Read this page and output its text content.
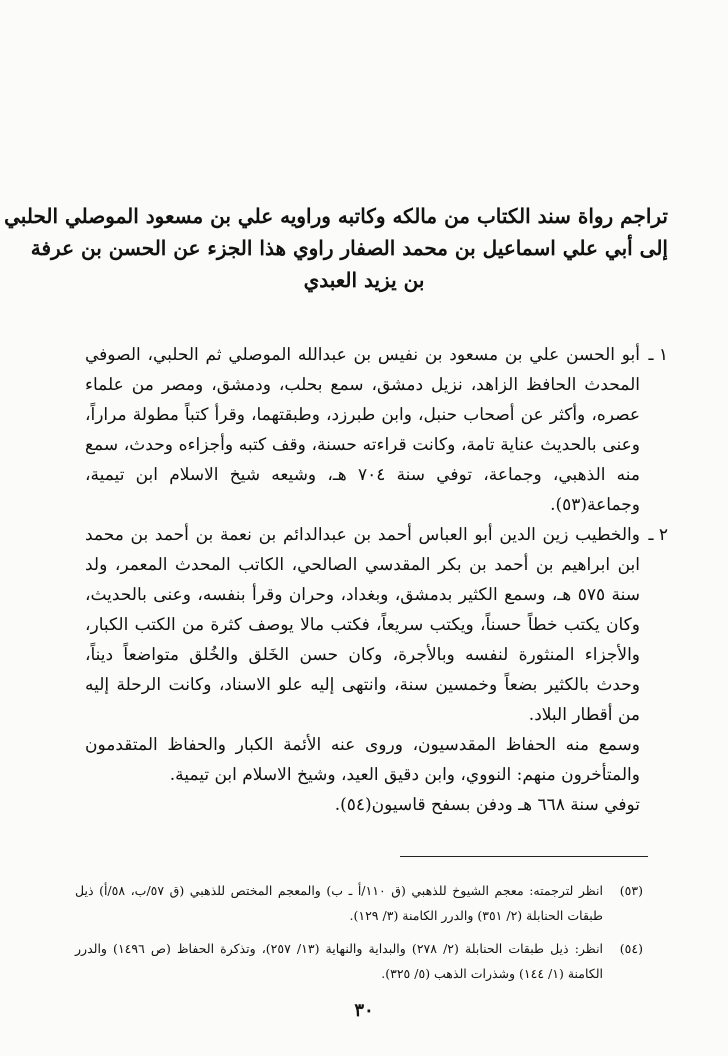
تراجم رواة سند الكتاب من مالكه وكاتبه وراويه علي بن مسعود الموصلي الحلبي
إلى أبي علي اسماعيل بن محمد الصفار راوي هذا الجزء عن الحسن بن عرفة
بن يزيد العبدي
١ ـ

أبو الحسن علي بن مسعود بن نفيس بن عبدالله الموصلي ثم الحلبي، الصوفي المحدث الحافظ الزاهد، نزيل دمشق، سمع بحلب، ودمشق، ومصر من علماء عصره، وأكثر عن أصحاب حنبل، وابن طبرزد، وطبقتهما، وقرأ كتباً مطولة مراراً، وعنى بالحديث عناية تامة، وكانت قراءته حسنة، وقف كتبه وأجزاءه وحدث، سمع منه الذهبي، وجماعة، توفي سنة ٧٠٤ هـ، وشيعه شيخ الاسلام ابن تيمية، وجماعة(٥٣).

٢ ـ

والخطيب زين الدين أبو العباس أحمد بن عبدالدائم بن نعمة بن أحمد بن محمد ابن ابراهيم بن أحمد بن بكر المقدسي الصالحي، الكاتب المحدث المعمر، ولد سنة ٥٧٥ هـ، وسمع الكثير بدمشق، وبغداد، وحران وقرأ بنفسه، وعنى بالحديث، وكان يكتب خطاً حسناً، ويكتب سريعاً، فكتب مالا يوصف كثرة من الكتب الكبار، والأجزاء المنثورة لنفسه وبالأجرة، وكان حسن الخَلق والخُلق متواضعاً ديناً، وحدث بالكثير بضعاً وخمسين سنة، وانتهى إليه علو الاسناد، وكانت الرحلة إليه من أقطار البلاد.

وسمع منه الحفاظ المقدسيون، وروى عنه الأئمة الكبار والحفاظ المتقدمون والمتأخرون منهم: النووي، وابن دقيق العيد، وشيخ الاسلام ابن تيمية.

توفي سنة ٦٦٨ هـ ودفن بسفح قاسيون(٥٤).

(٥٣)
انظر لترجمته: معجم الشيوخ للذهبي (ق ١١٠/أ ـ ب) والمعجم المختص للذهبي (ق ٥٧/ب، ٥٨/أ) ذيل طبقات الحنابلة (٢/ ٣٥١) والدرر الكامنة (٣/ ١٢٩).
(٥٤)
انظر: ذيل طبقات الحنابلة (٢/ ٢٧٨) والبداية والنهاية (١٣/ ٢٥٧)، وتذكرة الحفاظ (ص ١٤٩٦) والدرر الكامنة (١/ ١٤٤) وشذرات الذهب (٥/ ٣٢٥).
٣٠
